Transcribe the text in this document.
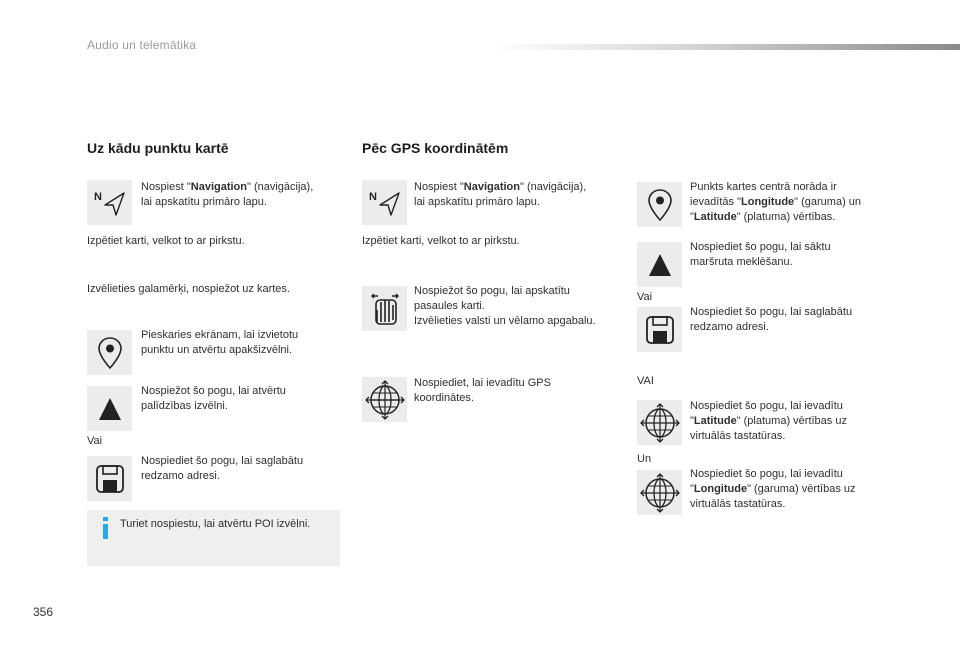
Audio un telemātika
356
Uz kādu punktu kartē
N
Nospiest "Navigation" (navigācija),
lai apskatītu primāro lapu.
Izpētiet karti, velkot to ar pirkstu.
Izvēlieties galamērķi, nospiežot uz kartes.
Pieskaries ekrānam, lai izvietotu
punktu un atvērtu apakšizvēlni.
Nospiežot šo pogu, lai atvērtu
palīdzības izvēlni.
Vai
Nospiediet šo pogu, lai saglabātu
redzamo adresi.
Turiet nospiestu, lai atvērtu POI izvēlni.
Pēc GPS koordinātēm
N
Nospiest "Navigation" (navigācija),
lai apskatītu primāro lapu.
Izpētiet karti, velkot to ar pirkstu.
Nospiežot šo pogu, lai apskatītu
pasaules karti.
Izvēlieties valsti un vēlamo apgabalu.
Nospiediet, lai ievadītu GPS
koordinātes.
Punkts kartes centrā norāda ir
ievadītās "Longitude" (garuma) un
"Latitude" (platuma) vērtības.
Nospiediet šo pogu, lai sāktu
maršruta meklēšanu.
Vai
Nospiediet šo pogu, lai saglabātu
redzamo adresi.
VAI
Nospiediet šo pogu, lai ievadītu
"Latitude" (platuma) vērtības uz
virtuālās tastatūras.
Un
Nospiediet šo pogu, lai ievadītu
"Longitude" (garuma) vērtības uz
virtuālās tastatūras.
